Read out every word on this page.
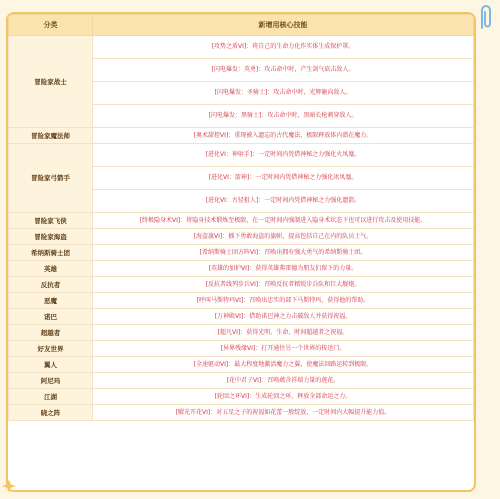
分类	新增用核心技能
冒险家战士	[攻势之盾VI]：将自己的生命力化作实体生成保护罩。
	[闪电爆发：英勇]：攻击命中时，产生剑气砍击敌人。
	[闪电爆发：圣骑士]：攻击命中时，光辉砸向敌人。
	[闪电爆发：黑骑士]：攻击命中时，黑暗长枪刺穿敌人。
冒险家魔法师	[奥术甜控VI]：重现被入遗忘的古代魔法，极限释放体内潜在魔力。
冒险家弓箭手	[进化VI：神射手]：一定时间内凭借神秘之力强化火凤凰。
	[进化VI：箭神]：一定时间内凭借神秘之力强化冰凤凰。
	[进化VI：古径狙人]：一定时间内凭借神秘之力强化遗箭。
冒险家飞侠	[终极隐身术VI]：将隐身技术锻炼至极限，在一定时间内强制进入隐身术状态下也可以进行攻击及使用技能。
冒险家海盗	[海盗旗VI]：插下勇敢海盗的旗帜，提高包括自己在内的队员士气。
希纳斯骑士团	[希纳斯骑士团方阵VI]：召唤出拥有强大勇气的希纳斯骑士团。
英雄	[英雄的加护VI]：获得英雄弗雷德为朋友们留下的力量。
反抗者	[反抗者线列步兵VI]：召唤反抗者精锐步兵队和巨大舰炮。
恶魔	[呼叫马斯特玛VI]：召唤出忠实的部下马斯特玛，获得他的帮助。
诺巴	[万神殿VI]：借助诺巴神之力击破敌人并获得祝福。
超越者	[超凡VI]：获得光明、生命、时间超越者之祝福。
好友世界	[异界残缘VI]：打开通往另一个世界的传送门。
翼人	[全速驱动VI]：最大程度地激活魔力之翼，使魔法回路运转到极限。
阿尼玛	[花中君子VI]：召唤蕴含祥瑞力量的莲花。
江湖	[轮回之环VI]：生成轮回之环，释放全部命运之力。
晓之阵	[曜光开花VI]：对五星之子的祝福如花蕾一般绽放，一定时间内大幅提升能力值。
